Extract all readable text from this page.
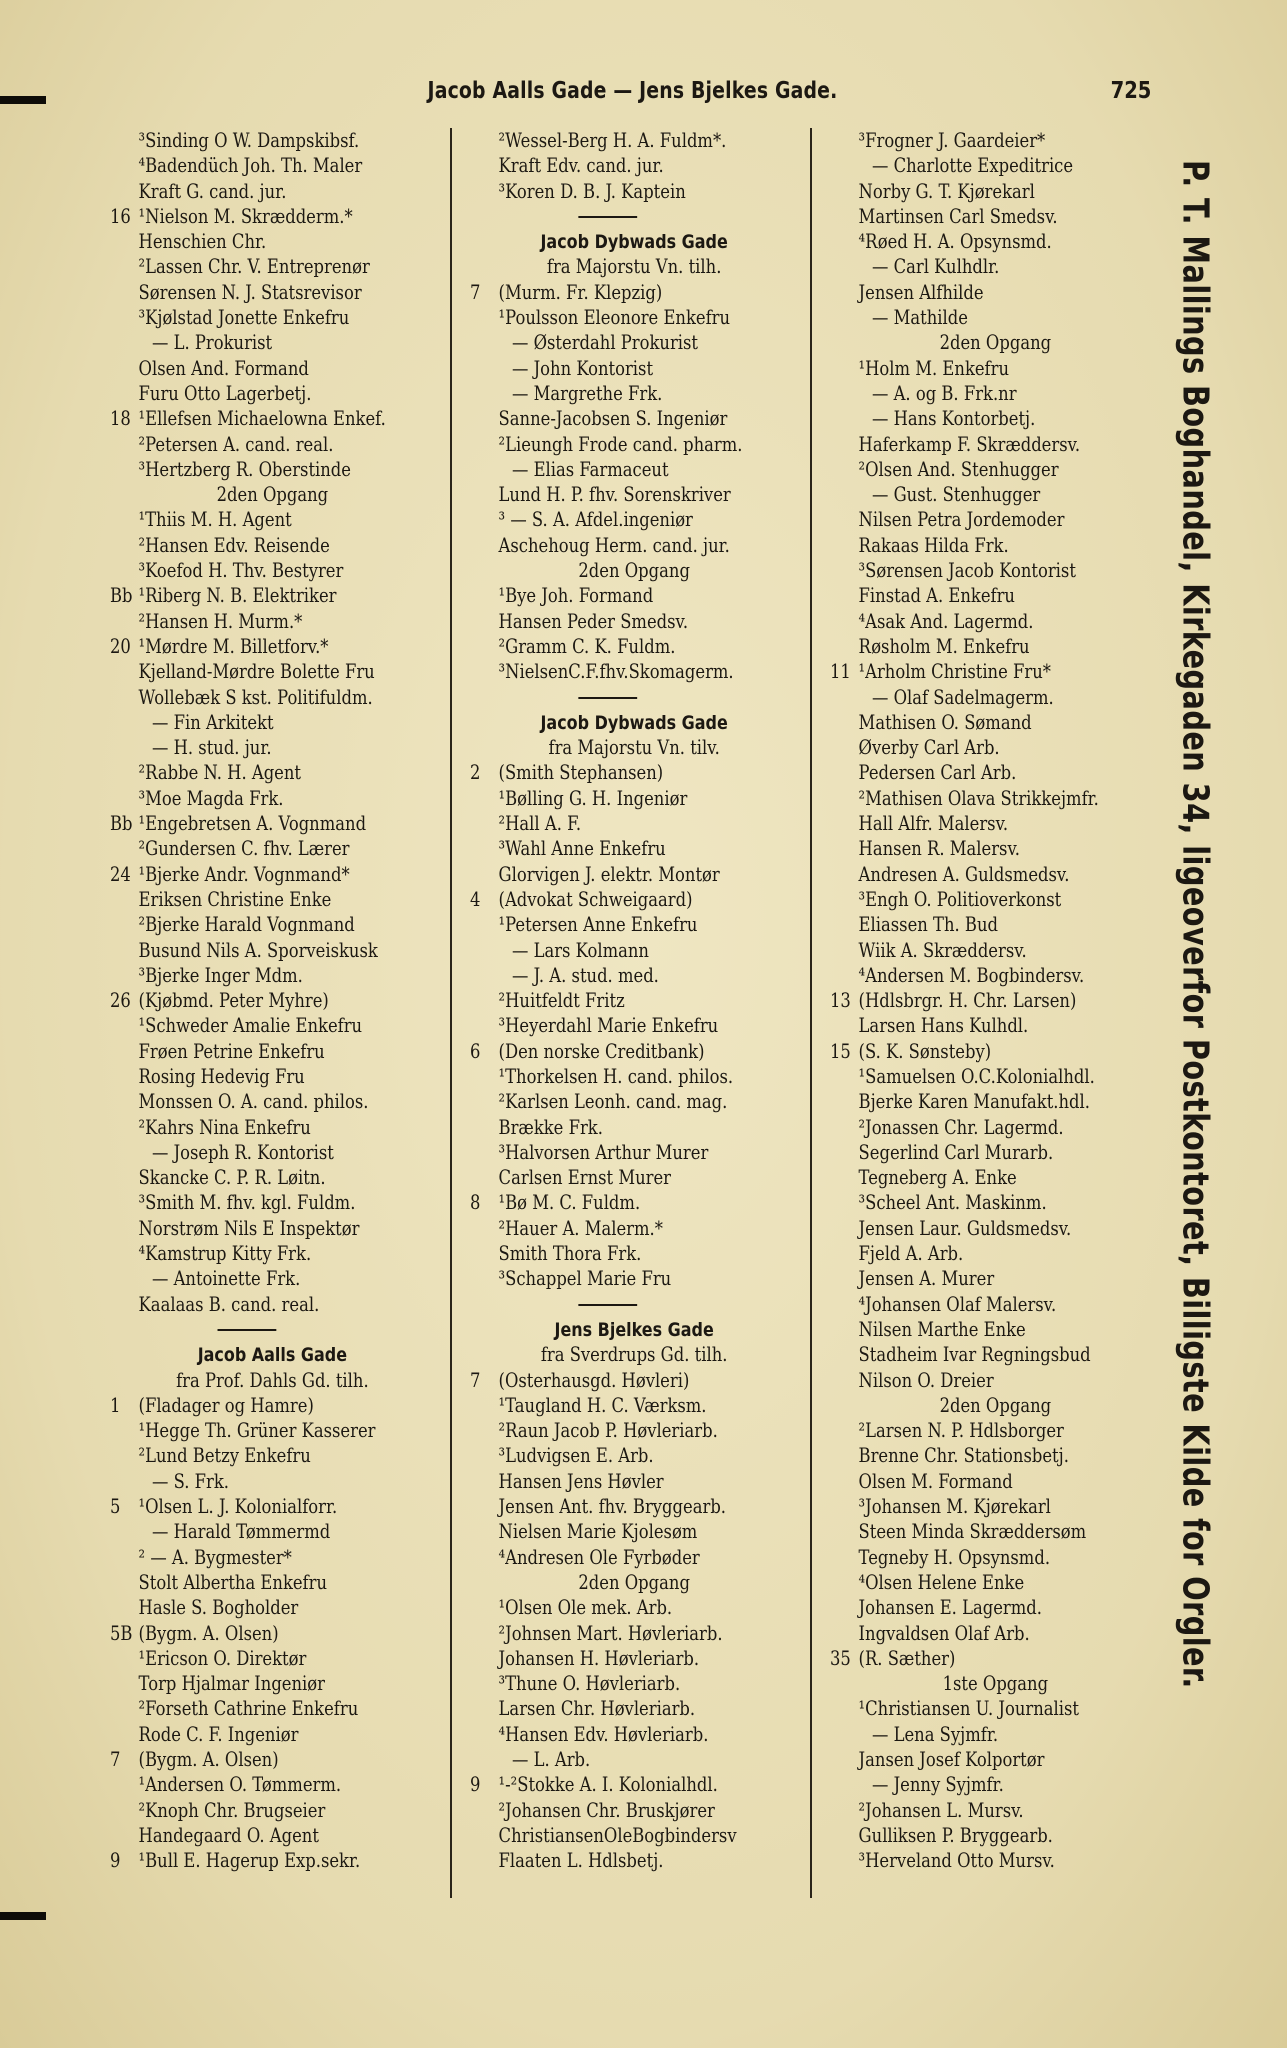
Jacob Aalls Gade — Jens Bjelkes Gade.	725
³Sinding O W. Dampskibsf.
⁴Badendüch Joh. Th. Maler
Kraft G. cand. jur.
16 ¹Nielson M. Skrædderm.*
Henschien Chr.
²Lassen Chr. V. Entreprenør
Sørensen N. J. Statsrevisor
³Kjølstad Jonette Enkefru
— L. Prokurist
Olsen And. Formand
Furu Otto Lagerbetj.
18 ¹Ellefsen Michaelowna Enkef.
²Petersen A. cand. real.
³Hertzberg R. Oberstinde
2den Opgang
¹Thiis M. H. Agent
²Hansen Edv. Reisende
³Koefod H. Thv. Bestyrer
Bb ¹Riberg N. B. Elektriker
²Hansen H. Murm.*
20 ¹Mørdre M. Billetforv.*
Kjelland-Mørdre Bolette Fru
Wollebæk S kst. Politifuldm.
— Fin Arkitekt
— H. stud. jur.
²Rabbe N. H. Agent
³Moe Magda Frk.
Bb ¹Engebretsen A. Vognmand
²Gundersen C. fhv. Lærer
24 ¹Bjerke Andr. Vognmand*
Eriksen Christine Enke
²Bjerke Harald Vognmand
Busund Nils A. Sporveiskusk
³Bjerke Inger Mdm.
26 (Kjøbmd. Peter Myhre)
¹Schweder Amalie Enkefru
Frøen Petrine Enkefru
Rosing Hedevig Fru
Monssen O. A. cand. philos.
²Kahrs Nina Enkefru
— Joseph R. Kontorist
Skancke C. P. R. Løitn.
³Smith M. fhv. kgl. Fuldm.
Norstrøm Nils E Inspektør
⁴Kamstrup Kitty Frk.
— Antoinette Frk.
Kaalaas B. cand. real.
Jacob Aalls Gade
fra Prof. Dahls Gd. tilh.
1 (Fladager og Hamre)
¹Hegge Th. Grüner Kasserer
²Lund Betzy Enkefru
— S. Frk.
5 ¹Olsen L. J. Kolonialforr.
— Harald Tømmermd
² — A. Bygmester*
Stolt Albertha Enkefru
Hasle S. Bogholder
5B (Bygm. A. Olsen)
¹Ericson O. Direktør
Torp Hjalmar Ingeniør
²Forseth Cathrine Enkefru
Rode C. F. Ingeniør
7 (Bygm. A. Olsen)
¹Andersen O. Tømmerm.
²Knoph Chr. Brugseier
Handegaard O. Agent
9 ¹Bull E. Hagerup Exp.sekr.
²Wessel-Berg H. A. Fuldm*.
Kraft Edv. cand. jur.
³Koren D. B. J. Kaptein
Jacob Dybwads Gade
fra Majorstu Vn. tilh.
7 (Murm. Fr. Klepzig)
¹Poulsson Eleonore Enkefru
— Østerdahl Prokurist
— John Kontorist
— Margrethe Frk.
Sanne-Jacobsen S. Ingeniør
²Lieungh Frode cand. pharm.
— Elias Farmaceut
Lund H. P. fhv. Sorenskriver
³ — S. A. Afdel.ingeniør
Aschehoug Herm. cand. jur.
2den Opgang
¹Bye Joh. Formand
Hansen Peder Smedsv.
²Gramm C. K. Fuldm.
³NielsenC.F.fhv.Skomagerm.
Jacob Dybwads Gade
fra Majorstu Vn. tilv.
2 (Smith Stephansen)
¹Bølling G. H. Ingeniør
²Hall A. F.
³Wahl Anne Enkefru
Glorvigen J. elektr. Montør
4 (Advokat Schweigaard)
¹Petersen Anne Enkefru
— Lars Kolmann
— J. A. stud. med.
²Huitfeldt Fritz
³Heyerdahl Marie Enkefru
6 (Den norske Creditbank)
¹Thorkelsen H. cand. philos.
²Karlsen Leonh. cand. mag.
Brække Frk.
³Halvorsen Arthur Murer
Carlsen Ernst Murer
8 ¹Bø M. C. Fuldm.
²Hauer A. Malerm.*
Smith Thora Frk.
³Schappel Marie Fru
Jens Bjelkes Gade
fra Sverdrups Gd. tilh.
7 (Osterhausgd. Høvleri)
¹Taugland H. C. Værksm.
²Raun Jacob P. Høvleriarb.
³Ludvigsen E. Arb.
Hansen Jens Høvler
Jensen Ant. fhv. Bryggearb.
Nielsen Marie Kjolesøm
⁴Andresen Ole Fyrbøder
2den Opgang
¹Olsen Ole mek. Arb.
²Johnsen Mart. Høvleriarb.
Johansen H. Høvleriarb.
³Thune O. Høvleriarb.
Larsen Chr. Høvleriarb.
⁴Hansen Edv. Høvleriarb.
— L. Arb.
9 ¹-²Stokke A. I. Kolonialhdl.
²Johansen Chr. Bruskjører
ChristiansenOleBogbindersv
Flaaten L. Hdlsbetj.
³Frogner J. Gaardeier*
— Charlotte Expeditrice
Norby G. T. Kjørekarl
Martinsen Carl Smedsv.
⁴Røed H. A. Opsynsmd.
— Carl Kulhdlr.
Jensen Alfhilde
— Mathilde
2den Opgang
¹Holm M. Enkefru
— A. og B. Frk.nr
— Hans Kontorbetj.
Haferkamp F. Skræddersv.
²Olsen And. Stenhugger
— Gust. Stenhugger
Nilsen Petra Jordemoder
Rakaas Hilda Frk.
³Sørensen Jacob Kontorist
Finstad A. Enkefru
⁴Asak And. Lagermd.
Røsholm M. Enkefru
11 ¹Arholm Christine Fru*
— Olaf Sadelmagerm.
Mathisen O. Sømand
Øverby Carl Arb.
Pedersen Carl Arb.
²Mathisen Olava Strikkejmfr.
Hall Alfr. Malersv.
Hansen R. Malersv.
Andresen A. Guldsmedsv.
³Engh O. Politioverkonst
Eliassen Th. Bud
Wiik A. Skræddersv.
⁴Andersen M. Bogbindersv.
13 (Hdlsbrgr. H. Chr. Larsen)
Larsen Hans Kulhdl.
15 (S. K. Sønsteby)
¹Samuelsen O.C.Kolonialhdl.
Bjerke Karen Manufakt.hdl.
²Jonassen Chr. Lagermd.
Segerlind Carl Murarb.
Tegneberg A. Enke
³Scheel Ant. Maskinm.
Jensen Laur. Guldsmedsv.
Fjeld A. Arb.
Jensen A. Murer
⁴Johansen Olaf Malersv.
Nilsen Marthe Enke
Stadheim Ivar Regningsbud
Nilson O. Dreier
2den Opgang
²Larsen N. P. Hdlsborger
Brenne Chr. Stationsbetj.
Olsen M. Formand
³Johansen M. Kjørekarl
Steen Minda Skræddersøm
Tegneby H. Opsynsmd.
⁴Olsen Helene Enke
Johansen E. Lagermd.
Ingvaldsen Olaf Arb.
35 (R. Sæther)
1ste Opgang
¹Christiansen U. Journalist
— Lena Syjmfr.
Jansen Josef Kolportør
— Jenny Syjmfr.
²Johansen L. Mursv.
Gulliksen P. Bryggearb.
³Herveland Otto Mursv.
P. T. Mallings Boghandel, Kirkegaden 34, ligeoverfor Postkontoret, Billigste Kilde for Orgler.
